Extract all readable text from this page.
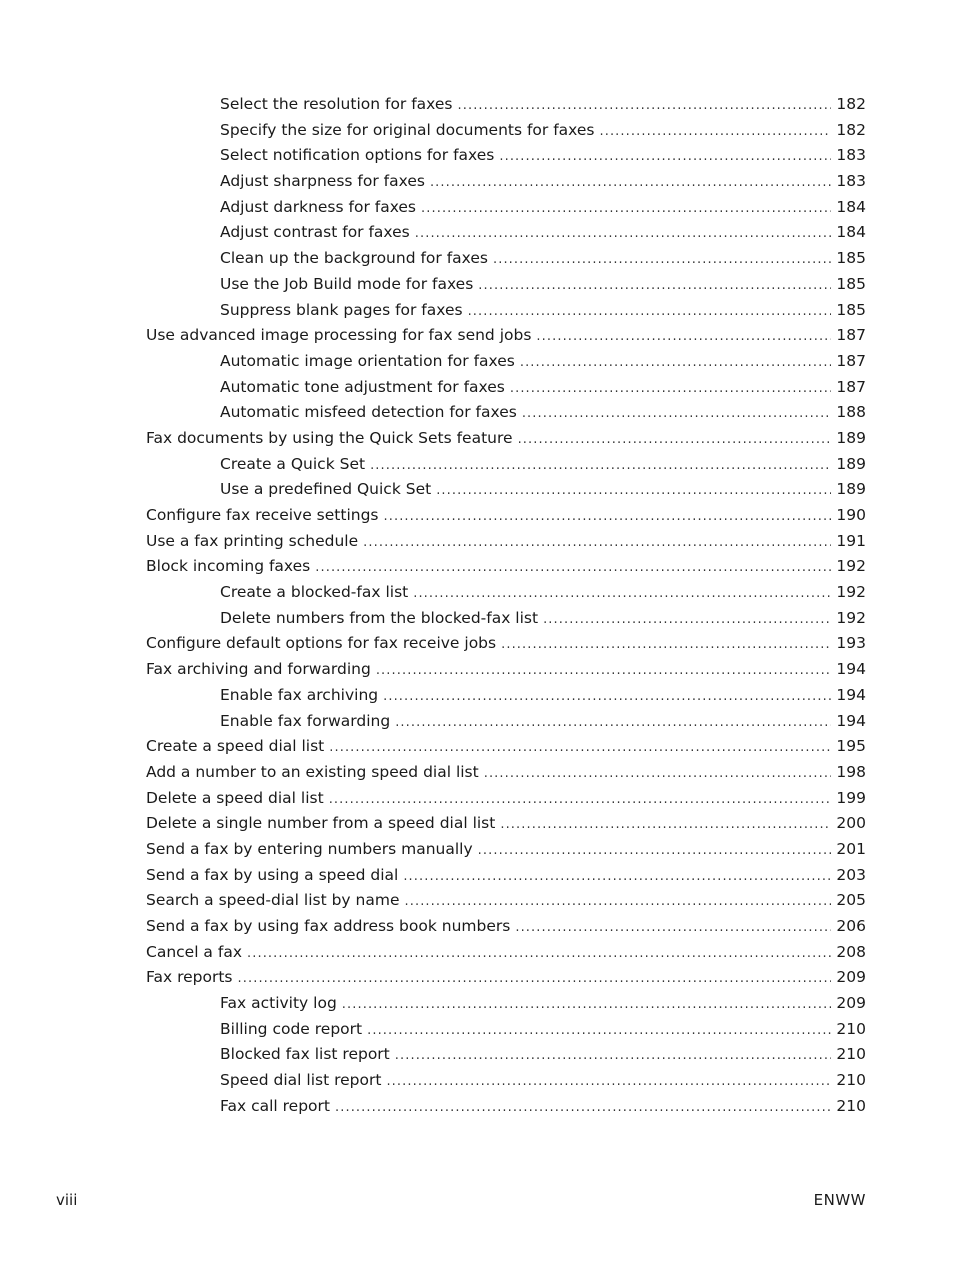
Select the resolution for faxes .....	182
Specify the size for original documents for faxes .....	182
Select notification options for faxes .....	183
Adjust sharpness for faxes .....	183
Adjust darkness for faxes .....	184
Adjust contrast for faxes .....	184
Clean up the background for faxes .....	185
Use the Job Build mode for faxes .....	185
Suppress blank pages for faxes .....	185
Use advanced image processing for fax send jobs .....	187
Automatic image orientation for faxes .....	187
Automatic tone adjustment for faxes .....	187
Automatic misfeed detection for faxes .....	188
Fax documents by using the Quick Sets feature .....	189
Create a Quick Set .....	189
Use a predefined Quick Set .....	189
Configure fax receive settings .....	190
Use a fax printing schedule .....	191
Block incoming faxes .....	192
Create a blocked-fax list .....	192
Delete numbers from the blocked-fax list .....	192
Configure default options for fax receive jobs .....	193
Fax archiving and forwarding .....	194
Enable fax archiving .....	194
Enable fax forwarding .....	194
Create a speed dial list .....	195
Add a number to an existing speed dial list .....	198
Delete a speed dial list .....	199
Delete a single number from a speed dial list .....	200
Send a fax by entering numbers manually .....	201
Send a fax by using a speed dial .....	203
Search a speed-dial list by name .....	205
Send a fax by using fax address book numbers .....	206
Cancel a fax .....	208
Fax reports .....	209
Fax activity log .....	209
Billing code report .....	210
Blocked fax list report .....	210
Speed dial list report .....	210
Fax call report .....	210
viii	ENWW
